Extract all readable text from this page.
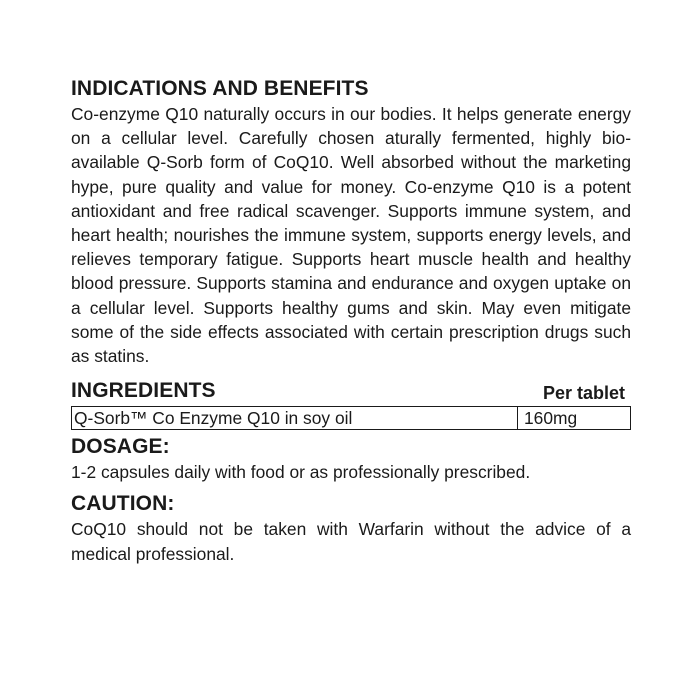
INDICATIONS AND BENEFITS

Co-enzyme Q10 naturally occurs in our bodies. It helps generate energy on a cellular level. Carefully chosen aturally fermented, highly bio-available Q-Sorb form of CoQ10. Well absorbed without the marketing hype, pure quality and value for money. Co-enzyme Q10 is a potent antioxidant and free radical scavenger. Supports immune system, and heart health; nourishes the immune system, supports energy levels, and relieves temporary fatigue. Supports heart muscle health and healthy blood pressure. Supports stamina and endurance and oxygen uptake on a cellular level. Supports healthy gums and skin. May even mitigate some of the side effects associated with certain prescription drugs such as statins.

INGREDIENTS	Per tablet
Q-Sorb™ Co Enzyme Q10 in soy oil	160mg
DOSAGE:

1-2 capsules daily with food or as professionally prescribed.

CAUTION:

CoQ10 should not be taken with Warfarin without the advice of a medical professional.
